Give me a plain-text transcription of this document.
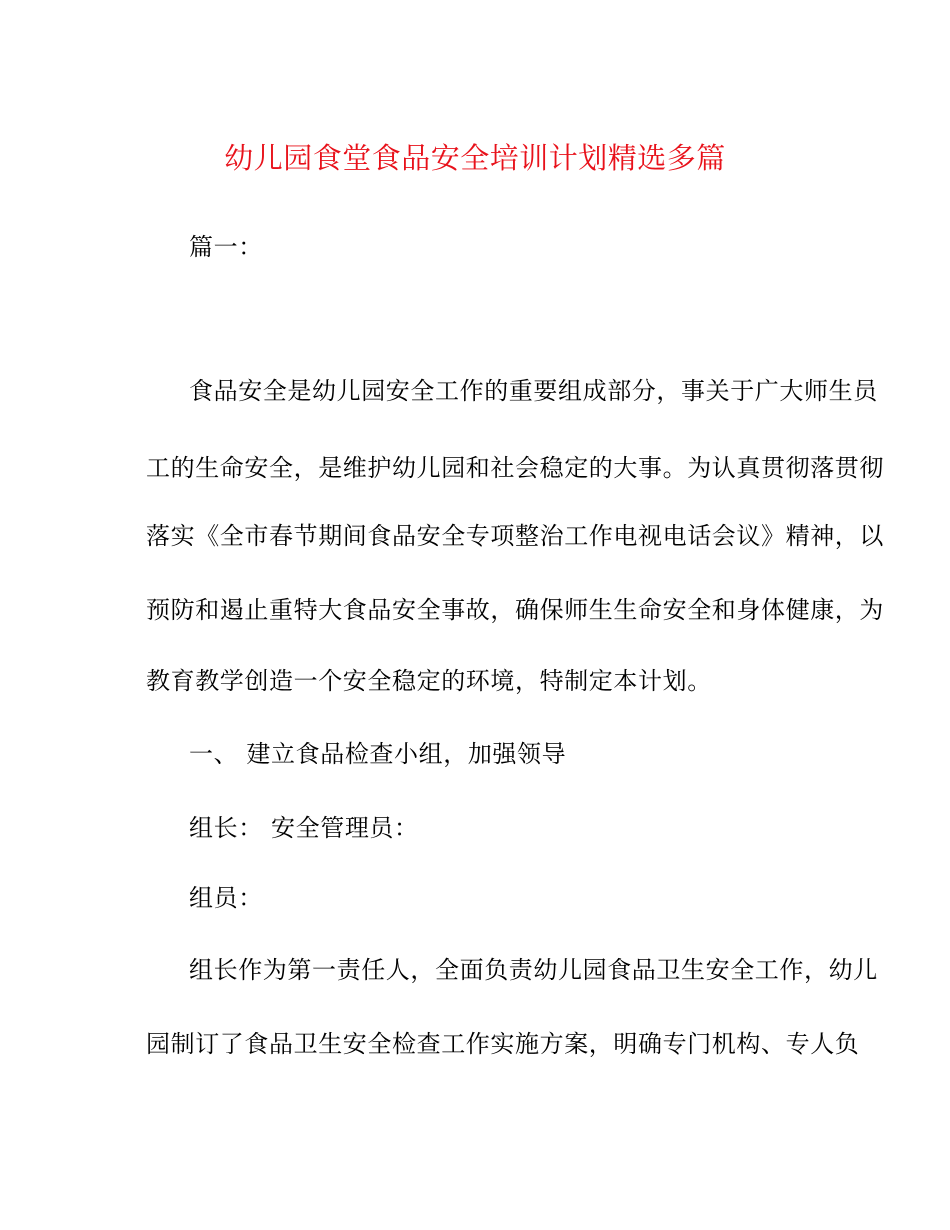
幼儿园食堂食品安全培训计划精选多篇
篇一：
食品安全是幼儿园安全工作的重要组成部分，事关于广大师生员
工的生命安全，是维护幼儿园和社会稳定的大事。为认真贯彻落贯彻
落实《全市春节期间食品安全专项整治工作电视电话会议》精神，以
预防和遏止重特大食品安全事故，确保师生生命安全和身体健康，为
教育教学创造一个安全稳定的环境，特制定本计划。
一、 建立食品检查小组，加强领导
组长： 安全管理员：
组员：
组长作为第一责任人，全面负责幼儿园食品卫生安全工作，幼儿
园制订了食品卫生安全检查工作实施方案，明确专门机构、专人负
